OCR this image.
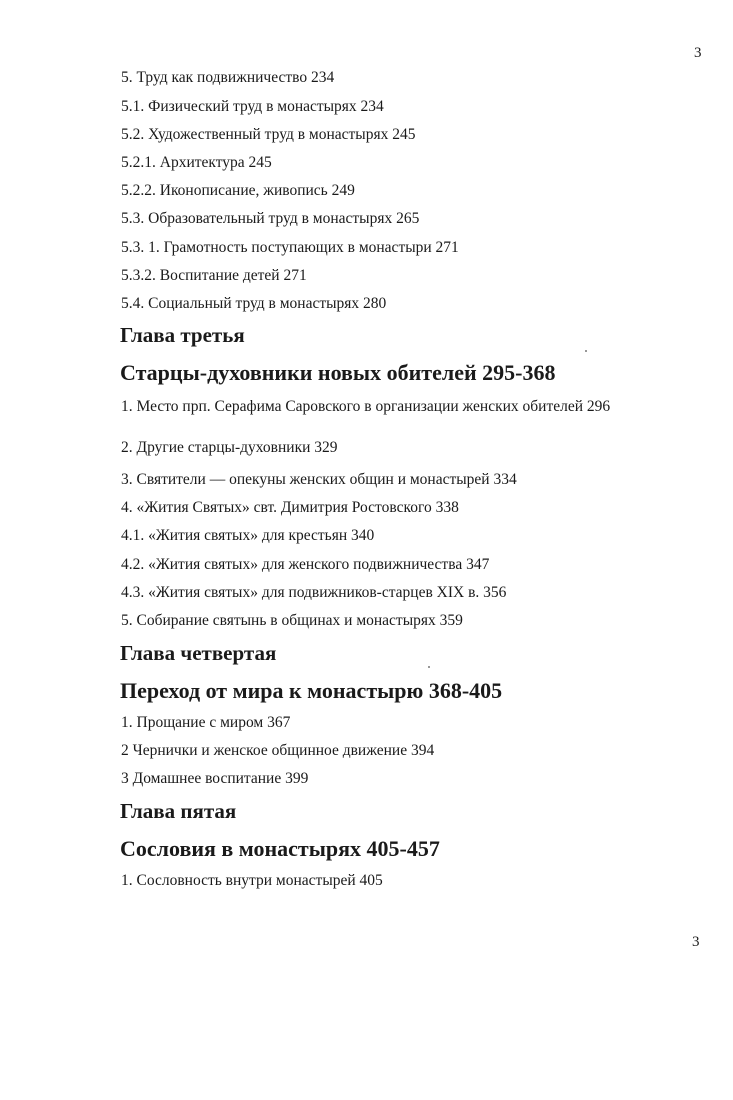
3
5. Труд как подвижничество 234
5.1. Физический труд в монастырях 234
5.2. Художественный труд в монастырях 245
5.2.1. Архитектура 245
5.2.2. Иконописание, живопись 249
5.3. Образовательный труд в монастырях 265
5.3. 1. Грамотность поступающих в монастыри 271
5.3.2. Воспитание детей 271
5.4. Социальный труд в монастырях 280
Глава третья
Старцы-духовники новых обителей 295-368
1. Место прп. Серафима Саровского в организации женских обителей 296
2. Другие старцы-духовники 329
3. Святители — опекуны женских общин и монастырей 334
4. «Жития Святых» свт. Димитрия Ростовского 338
4.1. «Жития святых» для крестьян 340
4.2. «Жития святых» для женского подвижничества 347
4.3. «Жития святых» для подвижников-старцев XIX в. 356
5. Собирание святынь в общинах и монастырях 359
Глава четвертая
Переход от мира к монастырю 368-405
1. Прощание с миром 367
2 Чернички и женское общинное движение 394
3 Домашнее воспитание 399
Глава пятая
Сословия в монастырях 405-457
1. Сословность внутри монастырей 405
3
